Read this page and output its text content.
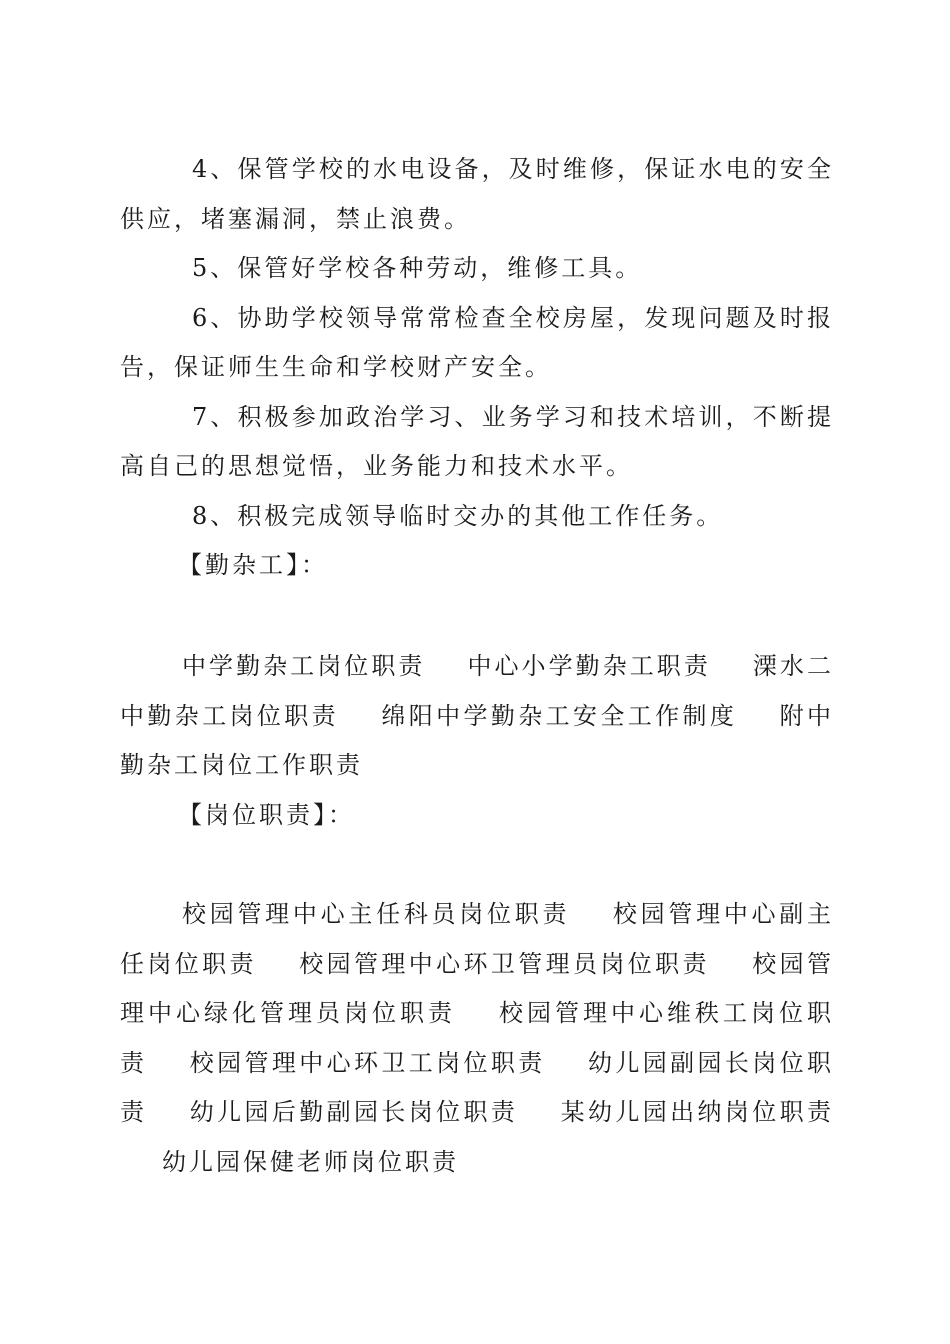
4、保管学校的水电设备，及时维修，保证水电的安全供应，堵塞漏洞，禁止浪费。

5、保管好学校各种劳动，维修工具。

6、协助学校领导常常检查全校房屋，发现问题及时报告，保证师生生命和学校财产安全。

7、积极参加政治学习、业务学习和技术培训，不断提高自己的思想觉悟，业务能力和技术水平。

8、积极完成领导临时交办的其他工作任务。

【勤杂工】：

中学勤杂工岗位职责 中心小学勤杂工职责 溧水二中勤杂工岗位职责 绵阳中学勤杂工安全工作制度 附中勤杂工岗位工作职责

【岗位职责】：

校园管理中心主任科员岗位职责 校园管理中心副主任岗位职责 校园管理中心环卫管理员岗位职责 校园管理中心绿化管理员岗位职责 校园管理中心维秩工岗位职责 校园管理中心环卫工岗位职责 幼儿园副园长岗位职责 幼儿园后勤副园长岗位职责 某幼儿园出纳岗位职责幼儿园保健老师岗位职责
